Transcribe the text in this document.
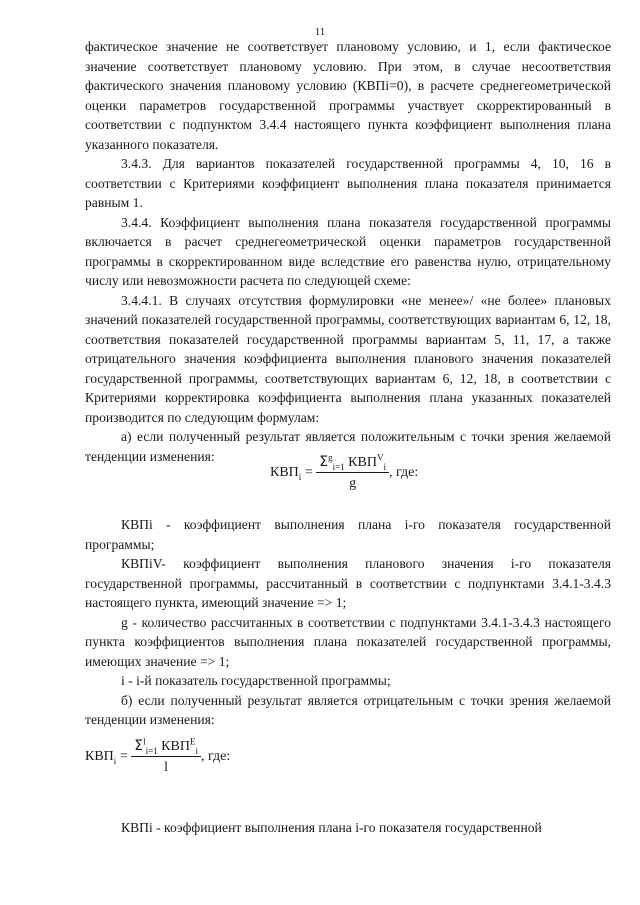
11

фактическое значение не соответствует плановому условию, и 1, если фактическое значение соответствует плановому условию. При этом, в случае несоответствия фактического значения плановому условию (КВПi=0), в расчете среднегеометрической оценки параметров государственной программы участвует скорректированный в соответствии с подпунктом 3.4.4 настоящего пункта коэффициент выполнения плана указанного показателя.

3.4.3. Для вариантов показателей государственной программы 4, 10, 16 в соответствии с Критериями коэффициент выполнения плана показателя принимается равным 1.

3.4.4. Коэффициент выполнения плана показателя государственной программы включается в расчет среднегеометрической оценки параметров государственной программы в скорректированном виде вследствие его равенства нулю, отрицательному числу или невозможности расчета по следующей схеме:

3.4.4.1. В случаях отсутствия формулировки «не менее»/ «не более» плановых значений показателей государственной программы, соответствующих вариантам 6, 12, 18, соответствия показателей государственной программы вариантам 5, 11, 17, а также отрицательного значения коэффициента выполнения планового значения показателей государственной программы, соответствующих вариантам 6, 12, 18, в соответствии с Критериями корректировка коэффициента выполнения плана указанных показателей производится по следующим формулам:

а) если полученный результат является положительным с точки зрения желаемой тенденции изменения:

$КВП_i$ =
$\Sigma^g_{i=1}$ $КВП^V_i$
g
, где:

КВПi - коэффициент выполнения плана i-го показателя государственной программы;

КВПiV- коэффициент выполнения планового значения i-го показателя государственной программы, рассчитанный в соответствии с подпунктами 3.4.1-3.4.3 настоящего пункта, имеющий значение => 1;

g - количество рассчитанных в соответствии с подпунктами 3.4.1-3.4.3 настоящего пункта коэффициентов выполнения плана показателей государственной программы, имеющих значение => 1;

i - i-й показатель государственной программы;

б) если полученный результат является отрицательным с точки зрения желаемой тенденции изменения:

$КВП_i$ =
$\Sigma^l_{i=1}$ $КВП^E_i$
l
, где:

КВПi - коэффициент выполнения плана i-го показателя государственной
